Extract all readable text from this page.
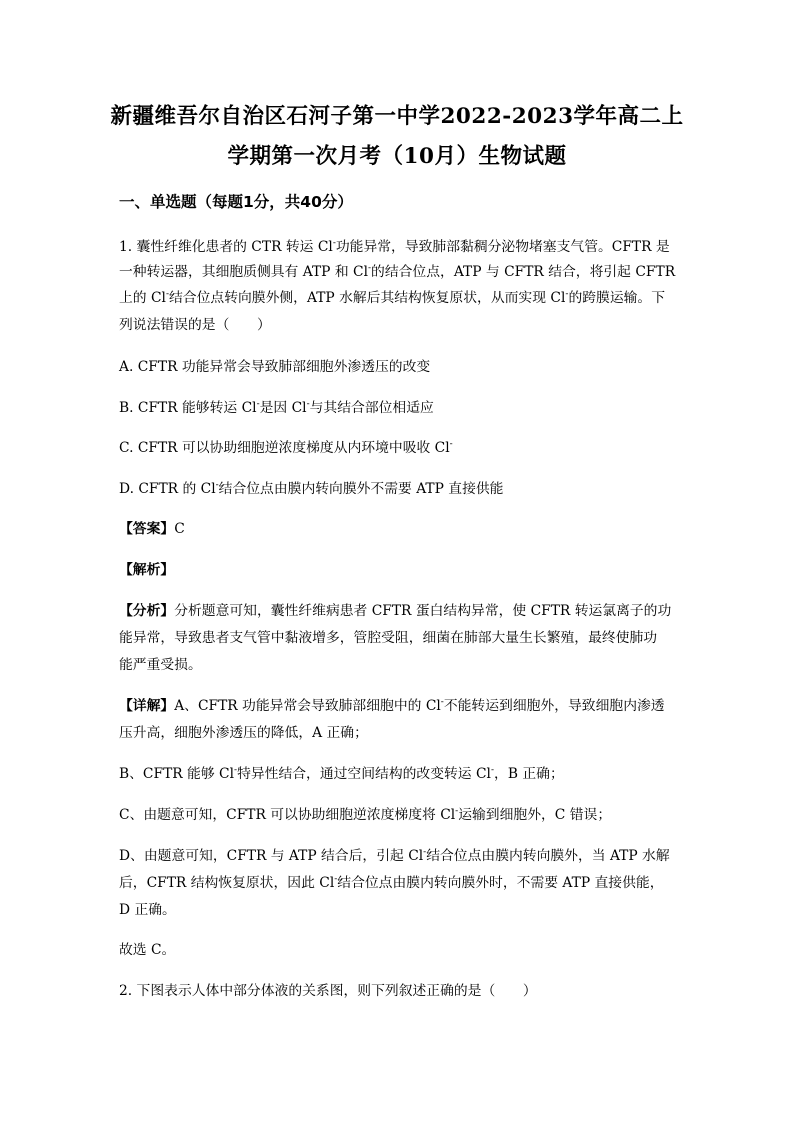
新疆维吾尔自治区石河子第一中学2022-2023学年高二上
学期第一次月考（10月）生物试题
一、单选题（每题1分，共40分）
1. 囊性纤维化患者的 CTR 转运 Cl-功能异常，导致肺部黏稠分泌物堵塞支气管。CFTR 是
一种转运器，其细胞质侧具有 ATP 和 Cl-的结合位点，ATP 与 CFTR 结合，将引起 CFTR
上的 Cl-结合位点转向膜外侧，ATP 水解后其结构恢复原状，从而实现 Cl-的跨膜运输。下
列说法错误的是（　　）
A. CFTR 功能异常会导致肺部细胞外渗透压的改变
B. CFTR 能够转运 Cl-是因 Cl-与其结合部位相适应
C. CFTR 可以协助细胞逆浓度梯度从内环境中吸收 Cl-
D. CFTR 的 Cl-结合位点由膜内转向膜外不需要 ATP 直接供能
【答案】C
【解析】
【分析】分析题意可知，囊性纤维病患者 CFTR 蛋白结构异常，使 CFTR 转运氯离子的功
能异常，导致患者支气管中黏液增多，管腔受阻，细菌在肺部大量生长繁殖，最终使肺功
能严重受损。
【详解】A、CFTR 功能异常会导致肺部细胞中的 Cl-不能转运到细胞外，导致细胞内渗透
压升高，细胞外渗透压的降低，A 正确；
B、CFTR 能够 Cl-特异性结合，通过空间结构的改变转运 Cl-，B 正确；
C、由题意可知，CFTR 可以协助细胞逆浓度梯度将 Cl-运输到细胞外，C 错误；
D、由题意可知，CFTR 与 ATP 结合后，引起 Cl-结合位点由膜内转向膜外，当 ATP 水解
后，CFTR 结构恢复原状，因此 Cl-结合位点由膜内转向膜外时，不需要 ATP 直接供能，
D 正确。
故选 C。
2. 下图表示人体中部分体液的关系图，则下列叙述正确的是（　　）
